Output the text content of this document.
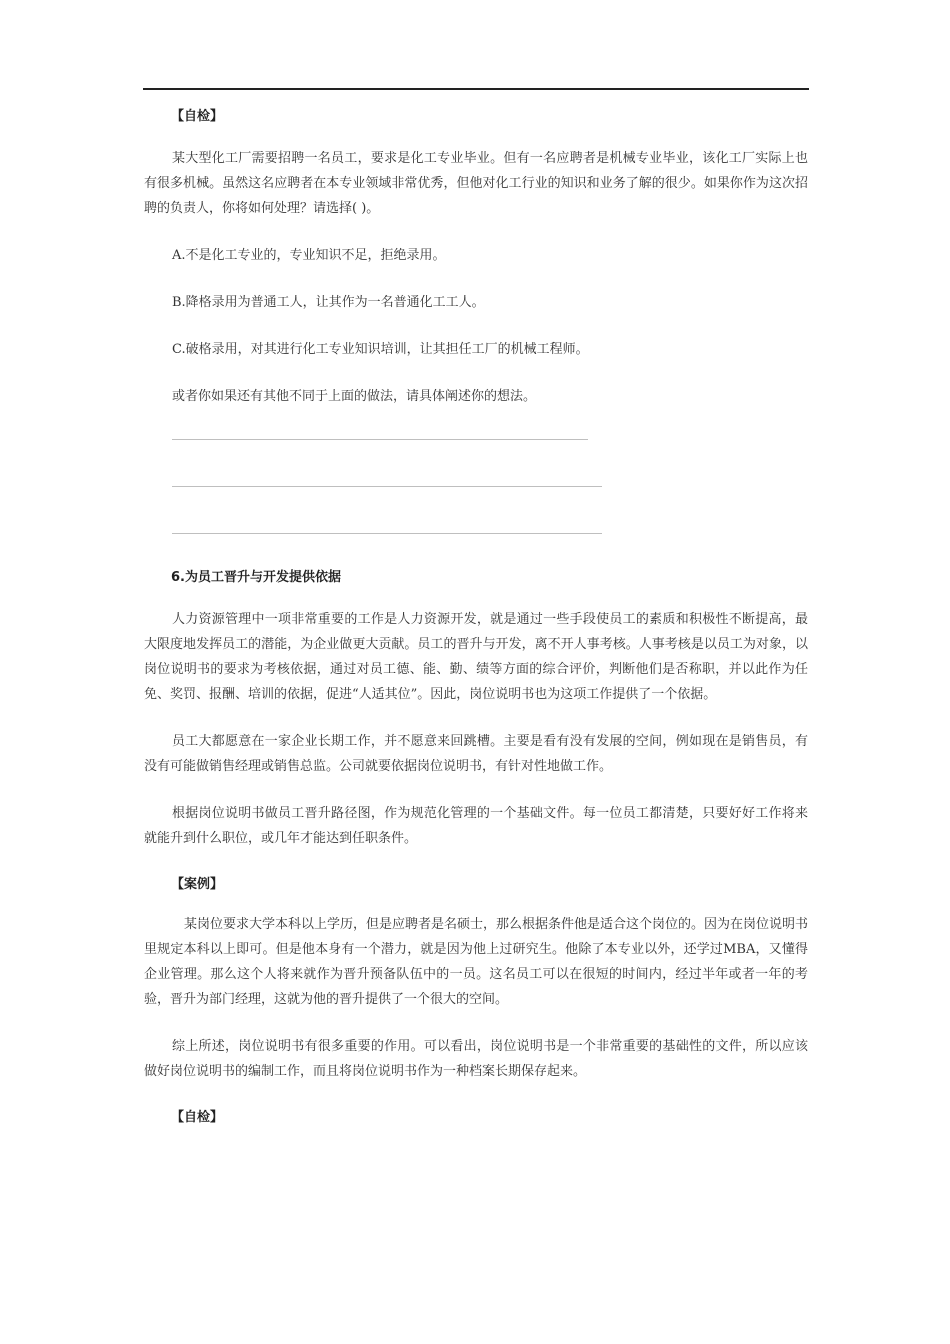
【自检】

某大型化工厂需要招聘一名员工，要求是化工专业毕业。但有一名应聘者是机械专业毕业，该化工厂实际上也有很多机械。虽然这名应聘者在本专业领域非常优秀，但他对化工行业的知识和业务了解的很少。如果你作为这次招聘的负责人，你将如何处理？请选择( )。

A.不是化工专业的，专业知识不足，拒绝录用。

B.降格录用为普通工人，让其作为一名普通化工工人。

C.破格录用，对其进行化工专业知识培训，让其担任工厂的机械工程师。

或者你如果还有其他不同于上面的做法，请具体阐述你的想法。

6.为员工晋升与开发提供依据

人力资源管理中一项非常重要的工作是人力资源开发，就是通过一些手段使员工的素质和积极性不断提高，最大限度地发挥员工的潜能，为企业做更大贡献。员工的晋升与开发，离不开人事考核。人事考核是以员工为对象，以岗位说明书的要求为考核依据，通过对员工德、能、勤、绩等方面的综合评价，判断他们是否称职，并以此作为任免、奖罚、报酬、培训的依据，促进“人适其位”。因此，岗位说明书也为这项工作提供了一个依据。

员工大都愿意在一家企业长期工作，并不愿意来回跳槽。主要是看有没有发展的空间，例如现在是销售员，有没有可能做销售经理或销售总监。公司就要依据岗位说明书，有针对性地做工作。

根据岗位说明书做员工晋升路径图，作为规范化管理的一个基础文件。每一位员工都清楚，只要好好工作将来就能升到什么职位，或几年才能达到任职条件。

【案例】

某岗位要求大学本科以上学历，但是应聘者是名硕士，那么根据条件他是适合这个岗位的。因为在岗位说明书里规定本科以上即可。但是他本身有一个潜力，就是因为他上过研究生。他除了本专业以外，还学过MBA，又懂得企业管理。那么这个人将来就作为晋升预备队伍中的一员。这名员工可以在很短的时间内，经过半年或者一年的考验，晋升为部门经理，这就为他的晋升提供了一个很大的空间。

综上所述，岗位说明书有很多重要的作用。可以看出，岗位说明书是一个非常重要的基础性的文件，所以应该做好岗位说明书的编制工作，而且将岗位说明书作为一种档案长期保存起来。

【自检】
